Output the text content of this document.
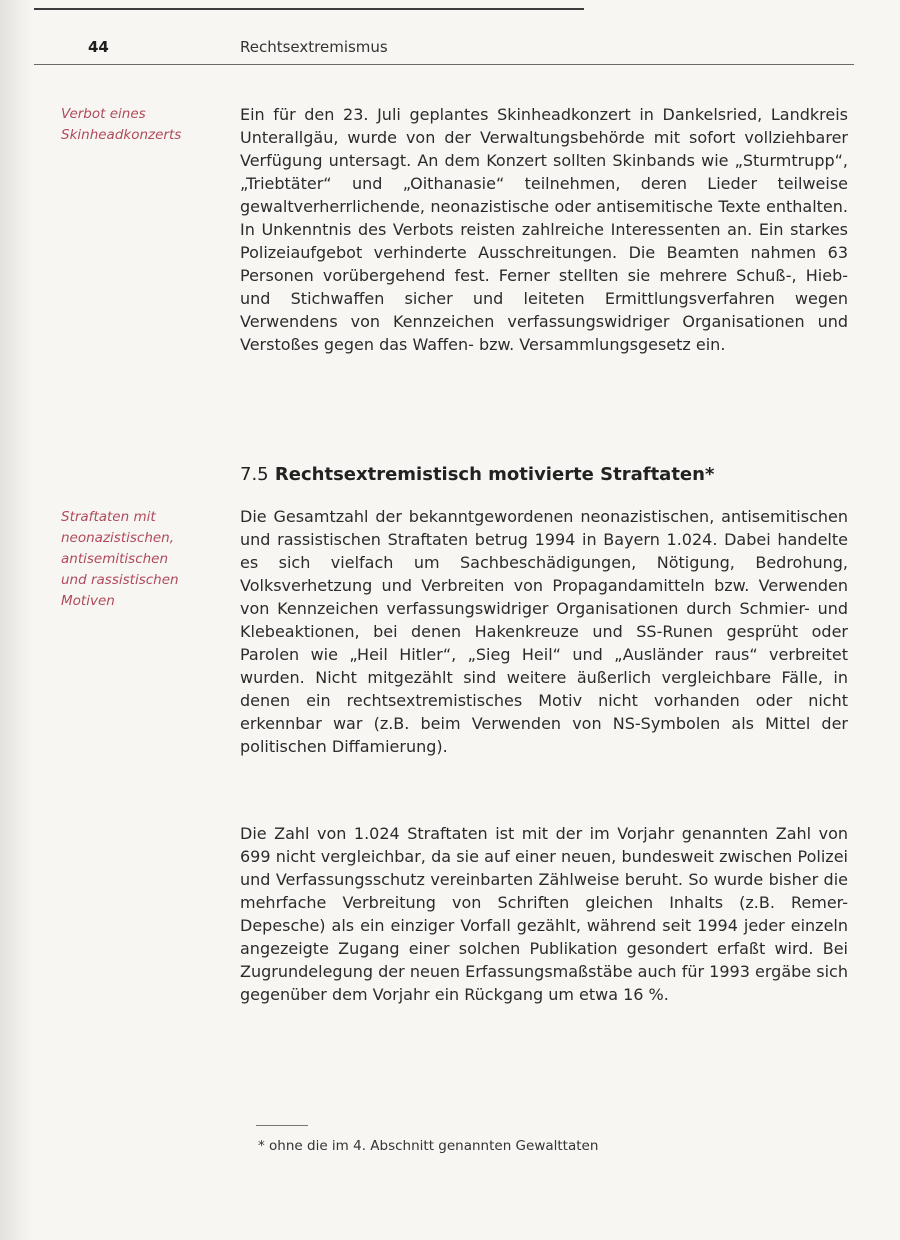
44	Rechtsextremismus
Verbot eines
Skinheadkonzerts

Ein für den 23. Juli geplantes Skinheadkonzert in Dankelsried, Landkreis Unterallgäu, wurde von der Verwaltungsbehörde mit sofort vollziehbarer Verfügung untersagt. An dem Konzert sollten Skinbands wie „Sturmtrupp“, „Triebtäter“ und „Oithanasie“ teilnehmen, deren Lieder teilweise gewaltverherrlichende, neonazistische oder antisemitische Texte enthalten. In Unkenntnis des Verbots reisten zahlreiche Interessenten an. Ein starkes Polizeiaufgebot verhinderte Ausschreitungen. Die Beamten nahmen 63 Personen vorübergehend fest. Ferner stellten sie mehrere Schuß-, Hieb- und Stichwaffen sicher und leiteten Ermittlungsverfahren wegen Verwendens von Kennzeichen verfassungswidriger Organisationen und Verstoßes gegen das Waffen- bzw. Versammlungsgesetz ein.

7.5 Rechtsextremistisch motivierte Straftaten*
Straftaten mit
neonazistischen,
antisemitischen
und rassistischen
Motiven

Die Gesamtzahl der bekanntgewordenen neonazistischen, antisemitischen und rassistischen Straftaten betrug 1994 in Bayern 1.024. Dabei handelte es sich vielfach um Sachbeschädigungen, Nötigung, Bedrohung, Volksverhetzung und Verbreiten von Propagandamitteln bzw. Verwenden von Kennzeichen verfassungswidriger Organisationen durch Schmier- und Klebeaktionen, bei denen Hakenkreuze und SS-Runen gesprüht oder Parolen wie „Heil Hitler“, „Sieg Heil“ und „Ausländer raus“ verbreitet wurden. Nicht mitgezählt sind weitere äußerlich vergleichbare Fälle, in denen ein rechtsextremistisches Motiv nicht vorhanden oder nicht erkennbar war (z.B. beim Verwenden von NS-Symbolen als Mittel der politischen Diffamierung).

Die Zahl von 1.024 Straftaten ist mit der im Vorjahr genannten Zahl von 699 nicht vergleichbar, da sie auf einer neuen, bundesweit zwischen Polizei und Verfassungsschutz vereinbarten Zählweise beruht. So wurde bisher die mehrfache Verbreitung von Schriften gleichen Inhalts (z.B. Remer-Depesche) als ein einziger Vorfall gezählt, während seit 1994 jeder einzeln angezeigte Zugang einer solchen Publikation gesondert erfaßt wird. Bei Zugrundelegung der neuen Erfassungsmaßstäbe auch für 1993 ergäbe sich gegenüber dem Vorjahr ein Rückgang um etwa 16 %.

* ohne die im 4. Abschnitt genannten Gewalttaten
